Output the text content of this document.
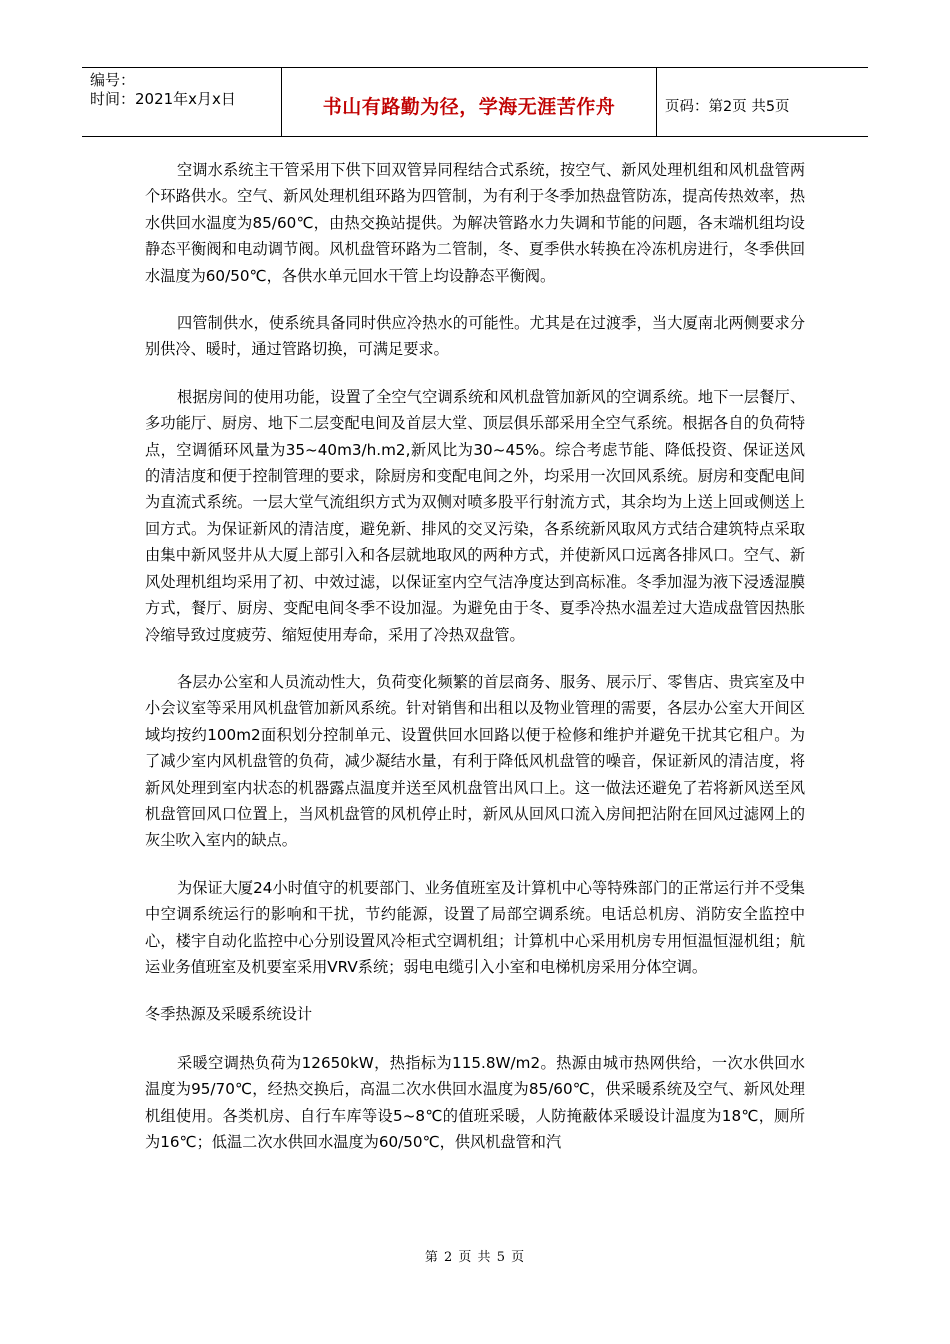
编号：
时间：2021年x月x日	书山有路勤为径，学海无涯苦作舟	页码：第2页 共5页

空调水系统主干管采用下供下回双管异同程结合式系统，按空气、新风处理机组和风机盘管两个环路供水。空气、新风处理机组环路为四管制，为有利于冬季加热盘管防冻，提高传热效率，热水供回水温度为85/60℃，由热交换站提供。为解决管路水力失调和节能的问题，各末端机组均设静态平衡阀和电动调节阀。风机盘管环路为二管制，冬、夏季供水转换在冷冻机房进行，冬季供回水温度为60/50℃，各供水单元回水干管上均设静态平衡阀。

四管制供水，使系统具备同时供应冷热水的可能性。尤其是在过渡季，当大厦南北两侧要求分别供冷、暖时，通过管路切换，可满足要求。

根据房间的使用功能，设置了全空气空调系统和风机盘管加新风的空调系统。地下一层餐厅、多功能厅、厨房、地下二层变配电间及首层大堂、顶层俱乐部采用全空气系统。根据各自的负荷特点，空调循环风量为35~40m3/h.m2,新风比为30~45%。综合考虑节能、降低投资、保证送风的清洁度和便于控制管理的要求，除厨房和变配电间之外，均采用一次回风系统。厨房和变配电间为直流式系统。一层大堂气流组织方式为双侧对喷多股平行射流方式，其余均为上送上回或侧送上回方式。为保证新风的清洁度，避免新、排风的交叉污染，各系统新风取风方式结合建筑特点采取由集中新风竖井从大厦上部引入和各层就地取风的两种方式，并使新风口远离各排风口。空气、新风处理机组均采用了初、中效过滤，以保证室内空气洁净度达到高标准。冬季加湿为液下浸透湿膜方式，餐厅、厨房、变配电间冬季不设加湿。为避免由于冬、夏季冷热水温差过大造成盘管因热胀冷缩导致过度疲劳、缩短使用寿命，采用了冷热双盘管。

各层办公室和人员流动性大，负荷变化频繁的首层商务、服务、展示厅、零售店、贵宾室及中小会议室等采用风机盘管加新风系统。针对销售和出租以及物业管理的需要，各层办公室大开间区域均按约100m2面积划分控制单元、设置供回水回路以便于检修和维护并避免干扰其它租户。为了减少室内风机盘管的负荷，减少凝结水量，有利于降低风机盘管的噪音，保证新风的清洁度，将新风处理到室内状态的机器露点温度并送至风机盘管出风口上。这一做法还避免了若将新风送至风机盘管回风口位置上，当风机盘管的风机停止时，新风从回风口流入房间把沾附在回风过滤网上的灰尘吹入室内的缺点。

为保证大厦24小时值守的机要部门、业务值班室及计算机中心等特殊部门的正常运行并不受集中空调系统运行的影响和干扰，节约能源，设置了局部空调系统。电话总机房、消防安全监控中心，楼宇自动化监控中心分别设置风冷柜式空调机组；计算机中心采用机房专用恒温恒湿机组；航运业务值班室及机要室采用VRV系统；弱电电缆引入小室和电梯机房采用分体空调。

冬季热源及采暖系统设计

采暖空调热负荷为12650kW，热指标为115.8W/m2。热源由城市热网供给，一次水供回水温度为95/70℃，经热交换后，高温二次水供回水温度为85/60℃，供采暖系统及空气、新风处理机组使用。各类机房、自行车库等设5~8℃的值班采暖，人防掩蔽体采暖设计温度为18℃，厕所为16℃；低温二次水供回水温度为60/50℃，供风机盘管和汽

第 2 页 共 5 页
